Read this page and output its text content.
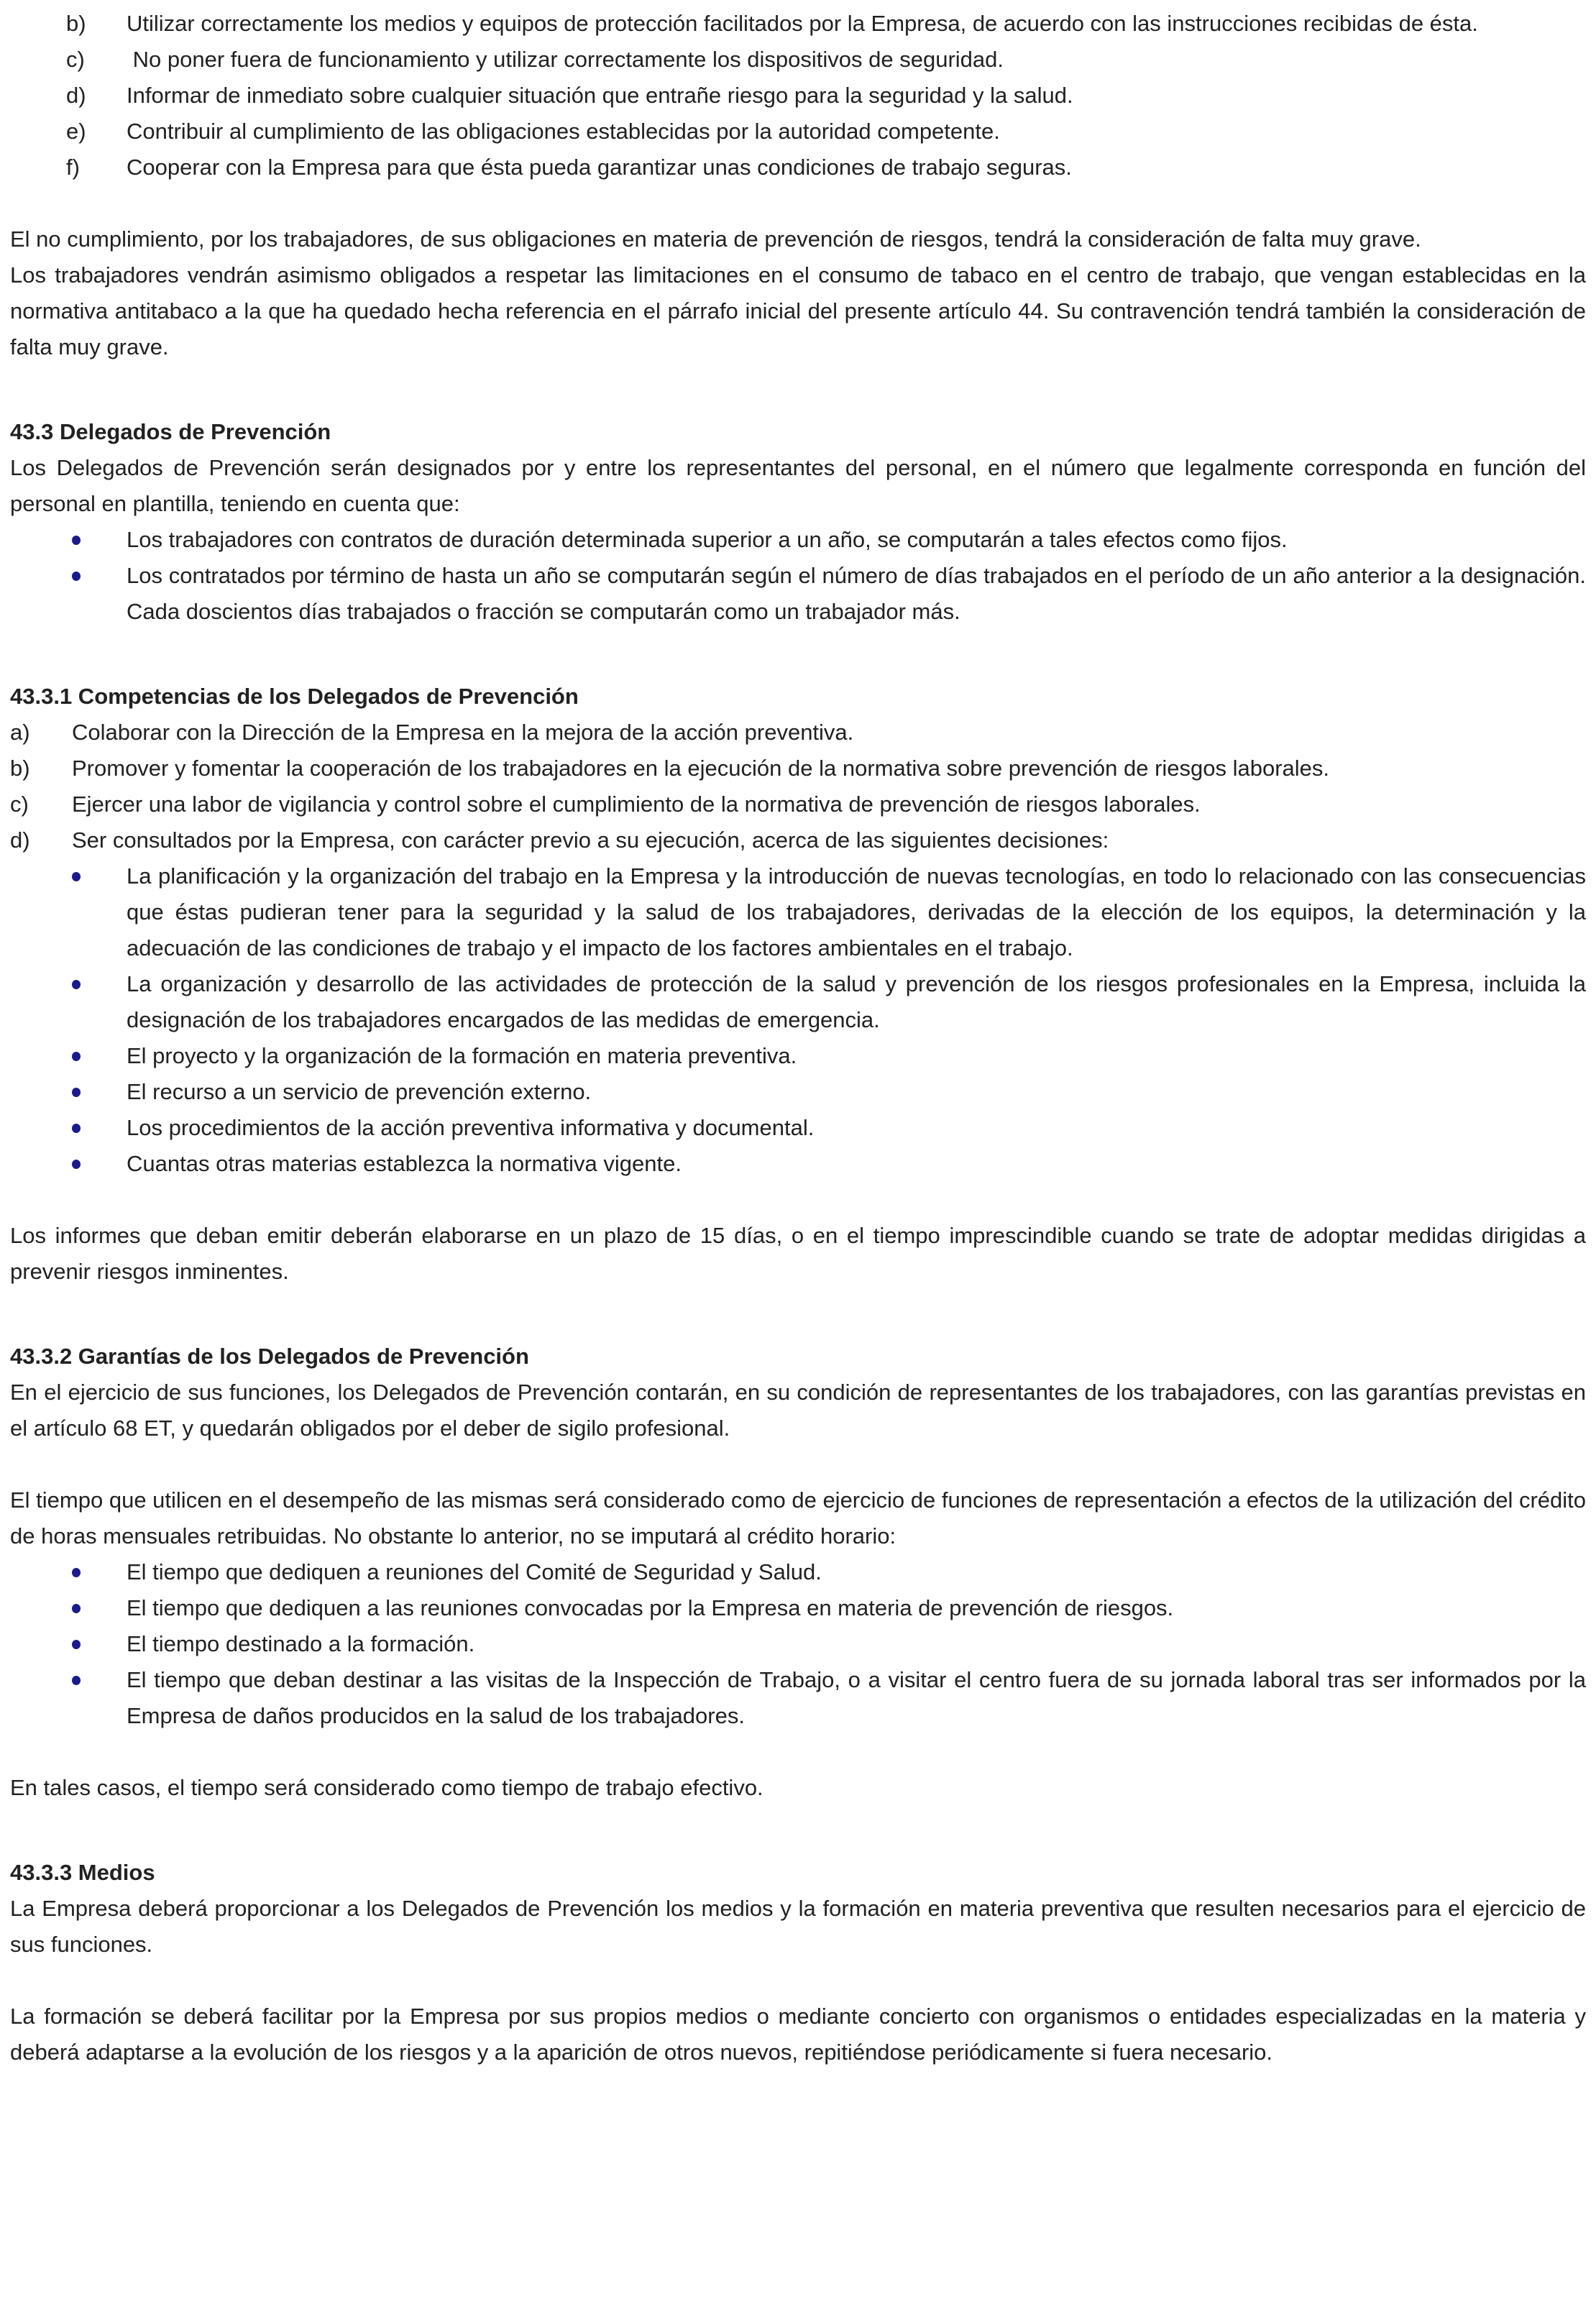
b) Utilizar correctamente los medios y equipos de protección facilitados por la Empresa, de acuerdo con las instrucciones recibidas de ésta.
c) No poner fuera de funcionamiento y utilizar correctamente los dispositivos de seguridad.
d) Informar de inmediato sobre cualquier situación que entrañe riesgo para la seguridad y la salud.
e) Contribuir al cumplimiento de las obligaciones establecidas por la autoridad competente.
f) Cooperar con la Empresa para que ésta pueda garantizar unas condiciones de trabajo seguras.

El no cumplimiento, por los trabajadores, de sus obligaciones en materia de prevención de riesgos, tendrá la consideración de falta muy grave.

Los trabajadores vendrán asimismo obligados a respetar las limitaciones en el consumo de tabaco en el centro de trabajo, que vengan establecidas en la normativa antitabaco a la que ha quedado hecha referencia en el párrafo inicial del presente artículo 44. Su contravención tendrá también la consideración de falta muy grave.

43.3 Delegados de Prevención

Los Delegados de Prevención serán designados por y entre los representantes del personal, en el número que legalmente corresponda en función del personal en plantilla, teniendo en cuenta que:

Los trabajadores con contratos de duración determinada superior a un año, se computarán a tales efectos como fijos.
Los contratados por término de hasta un año se computarán según el número de días trabajados en el período de un año anterior a la designación. Cada doscientos días trabajados o fracción se computarán como un trabajador más.
43.3.1 Competencias de los Delegados de Prevención
a) Colaborar con la Dirección de la Empresa en la mejora de la acción preventiva.
b) Promover y fomentar la cooperación de los trabajadores en la ejecución de la normativa sobre prevención de riesgos laborales.
c) Ejercer una labor de vigilancia y control sobre el cumplimiento de la normativa de prevención de riesgos laborales.
d) Ser consultados por la Empresa, con carácter previo a su ejecución, acerca de las siguientes decisiones:
La planificación y la organización del trabajo en la Empresa y la introducción de nuevas tecnologías, en todo lo relacionado con las consecuencias que éstas pudieran tener para la seguridad y la salud de los trabajadores, derivadas de la elección de los equipos, la determinación y la adecuación de las condiciones de trabajo y el impacto de los factores ambientales en el trabajo.
La organización y desarrollo de las actividades de protección de la salud y prevención de los riesgos profesionales en la Empresa, incluida la designación de los trabajadores encargados de las medidas de emergencia.
El proyecto y la organización de la formación en materia preventiva.
El recurso a un servicio de prevención externo.
Los procedimientos de la acción preventiva informativa y documental.
Cuantas otras materias establezca la normativa vigente.

Los informes que deban emitir deberán elaborarse en un plazo de 15 días, o en el tiempo imprescindible cuando se trate de adoptar medidas dirigidas a prevenir riesgos inminentes.

43.3.2 Garantías de los Delegados de Prevención

En el ejercicio de sus funciones, los Delegados de Prevención contarán, en su condición de representantes de los trabajadores, con las garantías previstas en el artículo 68 ET, y quedarán obligados por el deber de sigilo profesional.

El tiempo que utilicen en el desempeño de las mismas será considerado como de ejercicio de funciones de representación a efectos de la utilización del crédito de horas mensuales retribuidas. No obstante lo anterior, no se imputará al crédito horario:

El tiempo que dediquen a reuniones del Comité de Seguridad y Salud.
El tiempo que dediquen a las reuniones convocadas por la Empresa en materia de prevención de riesgos.
El tiempo destinado a la formación.
El tiempo que deban destinar a las visitas de la Inspección de Trabajo, o a visitar el centro fuera de su jornada laboral tras ser informados por la Empresa de daños producidos en la salud de los trabajadores.

En tales casos, el tiempo será considerado como tiempo de trabajo efectivo.

43.3.3 Medios

La Empresa deberá proporcionar a los Delegados de Prevención los medios y la formación en materia preventiva que resulten necesarios para el ejercicio de sus funciones.

La formación se deberá facilitar por la Empresa por sus propios medios o mediante concierto con organismos o entidades especializadas en la materia y deberá adaptarse a la evolución de los riesgos y a la aparición de otros nuevos, repitiéndose periódicamente si fuera necesario.
